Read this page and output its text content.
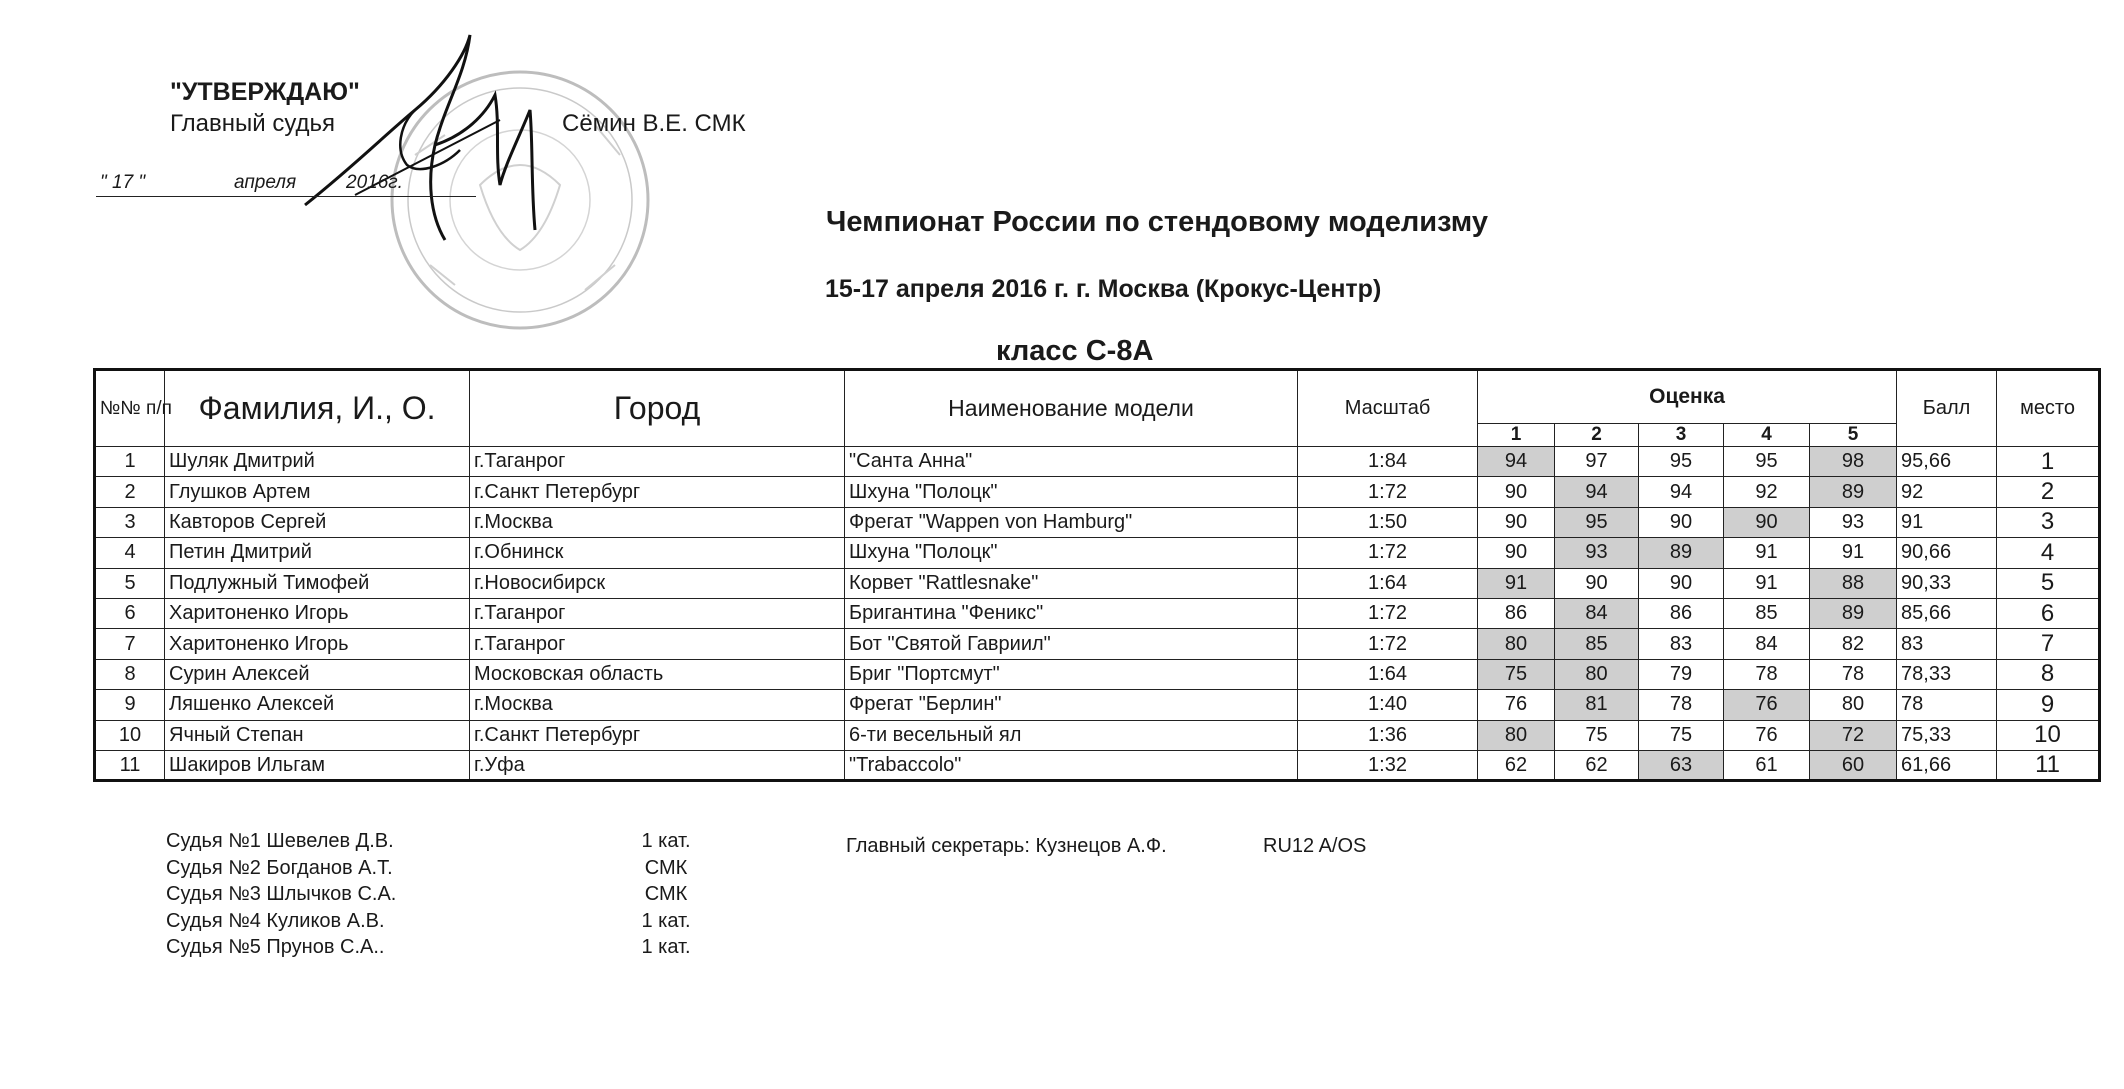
"УТВЕРЖДАЮ"
Главный судья	Сёмин В.Е. СМК
" 17 "	апреля	2016г.

Чемпионат России по стендовому моделизму
15-17 апреля 2016 г. г. Москва (Крокус-Центр)
класс С-8А
№№ п/п	Фамилия, И., О.	Город	Наименование модели	Масштаб	Оценка					Балл	место
					1	2	3	4	5		
1	Шуляк Дмитрий	г.Таганрог	"Санта Анна"	1:84	94	97	95	95	98	95,66	1
2	Глушков Артем	г.Санкт Петербург	Шхуна "Полоцк"	1:72	90	94	94	92	89	92	2
3	Кавторов Сергей	г.Москва	Фрегат "Wappen von Hamburg"	1:50	90	95	90	90	93	91	3
4	Петин Дмитрий	г.Обнинск	Шхуна "Полоцк"	1:72	90	93	89	91	91	90,66	4
5	Подлужный Тимофей	г.Новосибирск	Корвет "Rattlesnake"	1:64	91	90	90	91	88	90,33	5
6	Харитоненко Игорь	г.Таганрог	Бригантина "Феникс"	1:72	86	84	86	85	89	85,66	6
7	Харитоненко Игорь	г.Таганрог	Бот "Святой Гавриил"	1:72	80	85	83	84	82	83	7
8	Сурин Алексей	Московская область	Бриг "Портсмут"	1:64	75	80	79	78	78	78,33	8
9	Ляшенко Алексей	г.Москва	Фрегат "Берлин"	1:40	76	81	78	76	80	78	9
10	Ячный Степан	г.Санкт Петербург	6-ти весельный ял	1:36	80	75	75	76	72	75,33	10
11	Шакиров Ильгам	г.Уфа	"Trabaccolo"	1:32	62	62	63	61	60	61,66	11
Судья №1 Шевелев Д.В.	1 кат.
Судья №2 Богданов А.Т.	СМК
Судья №3 Шлычков С.А.	СМК
Судья №4 Куликов А.В.	1 кат.
Судья №5 Прунов С.А..	1 кат.
Главный секретарь: Кузнецов А.Ф.	RU12 A/OS
